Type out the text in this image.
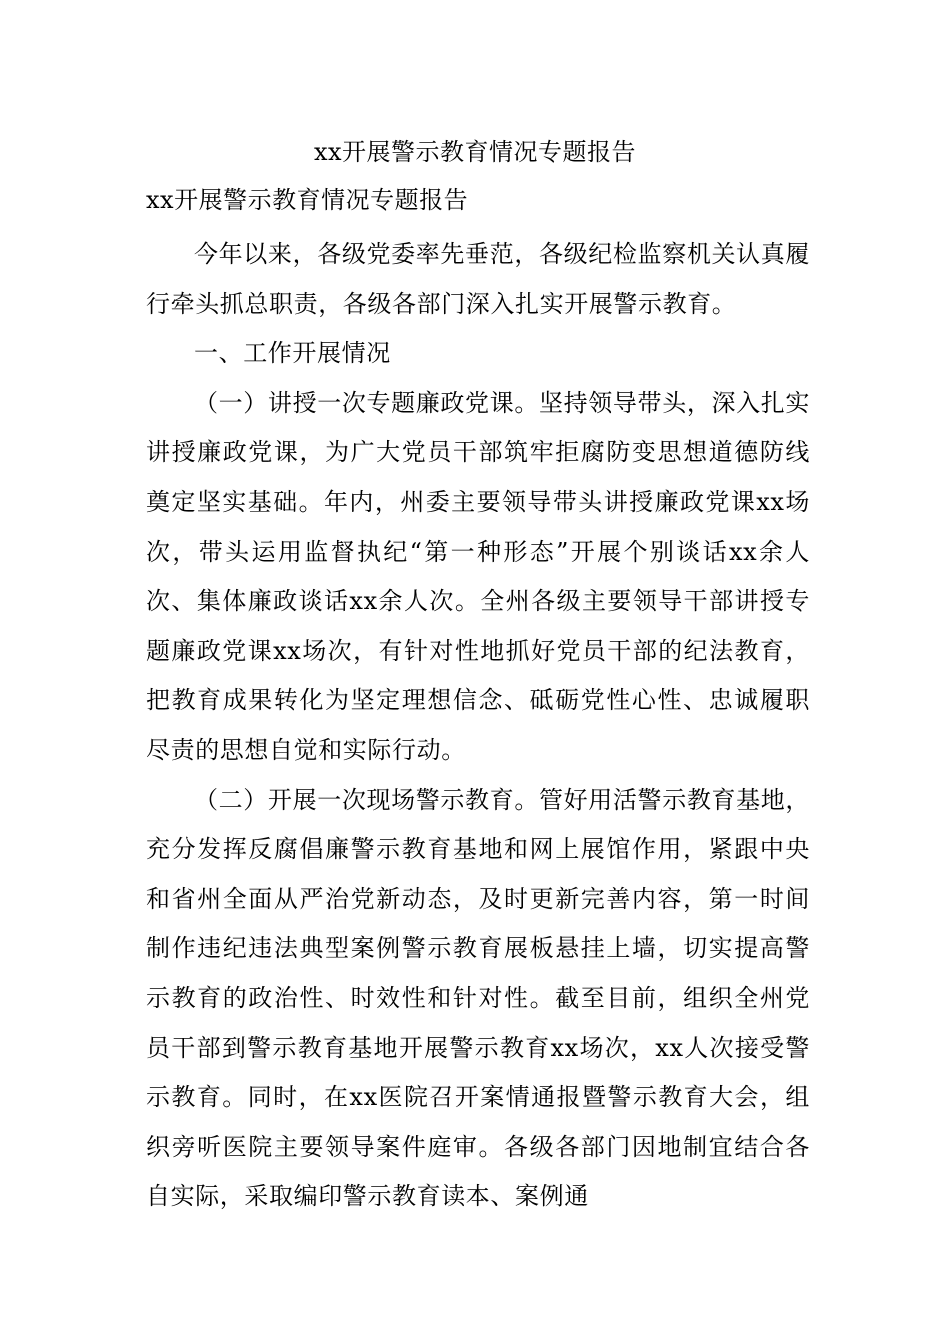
xx开展警示教育情况专题报告
xx开展警示教育情况专题报告

今年以来，各级党委率先垂范，各级纪检监察机关认真履行牵头抓总职责，各级各部门深入扎实开展警示教育。

一、工作开展情况

（一）讲授一次专题廉政党课。坚持领导带头，深入扎实讲授廉政党课，为广大党员干部筑牢拒腐防变思想道德防线奠定坚实基础。年内，州委主要领导带头讲授廉政党课xx场次，带头运用监督执纪“第一种形态”开展个别谈话xx余人次、集体廉政谈话xx余人次。全州各级主要领导干部讲授专题廉政党课xx场次，有针对性地抓好党员干部的纪法教育，把教育成果转化为坚定理想信念、砥砺党性心性、忠诚履职尽责的思想自觉和实际行动。

（二）开展一次现场警示教育。管好用活警示教育基地，充分发挥反腐倡廉警示教育基地和网上展馆作用，紧跟中央和省州全面从严治党新动态，及时更新完善内容，第一时间制作违纪违法典型案例警示教育展板悬挂上墙，切实提高警示教育的政治性、时效性和针对性。截至目前，组织全州党员干部到警示教育基地开展警示教育xx场次，xx人次接受警示教育。同时，在xx医院召开案情通报暨警示教育大会，组织旁听医院主要领导案件庭审。各级各部门因地制宜结合各自实际，采取编印警示教育读本、案例通
